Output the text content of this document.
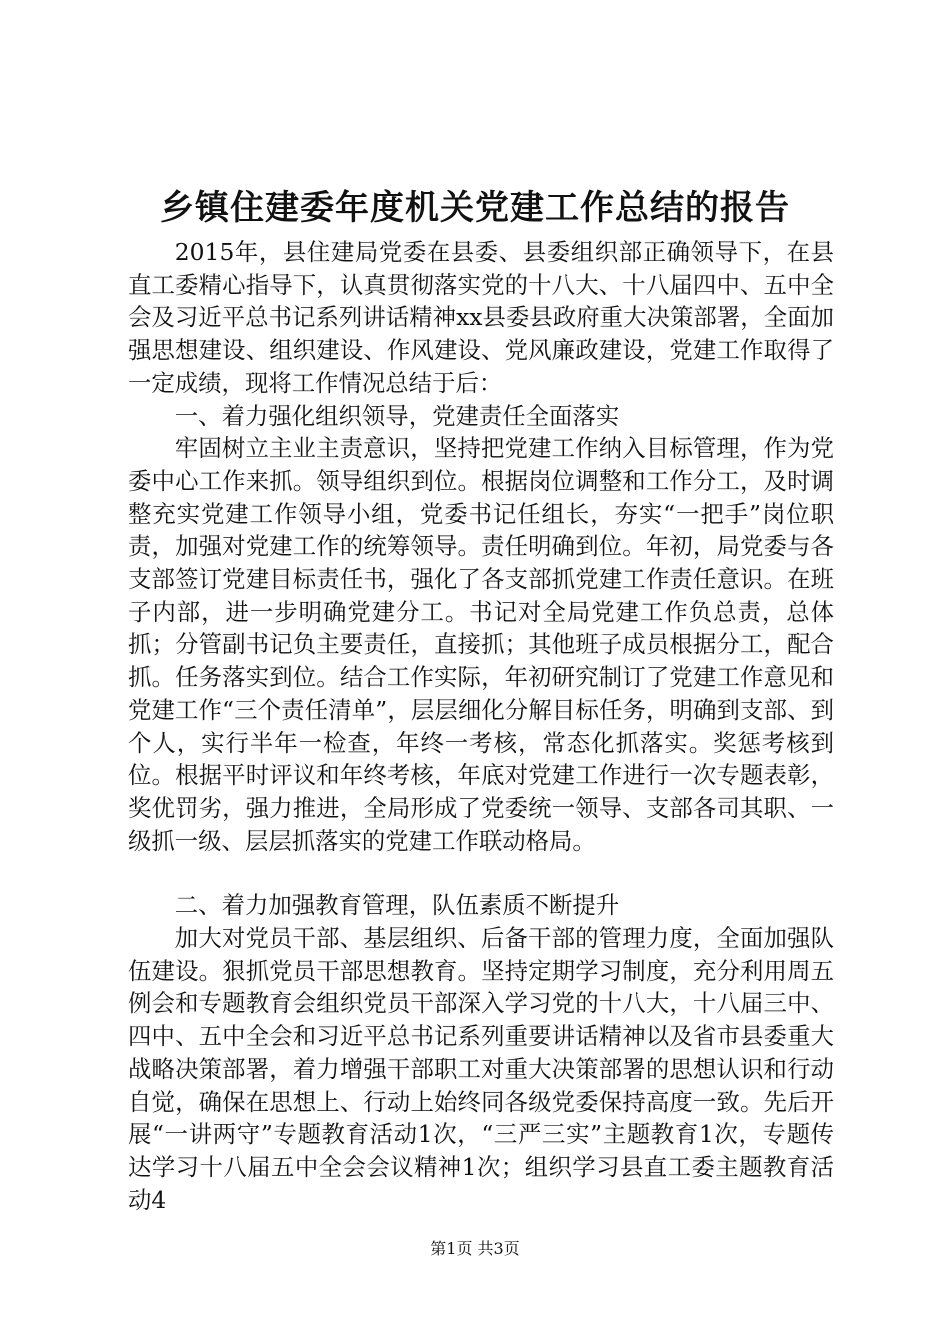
乡镇住建委年度机关党建工作总结的报告

2015年，县住建局党委在县委、县委组织部正确领导下，在县直工委精心指导下，认真贯彻落实党的十八大、十八届四中、五中全会及习近平总书记系列讲话精神xx县委县政府重大决策部署，全面加强思想建设、组织建设、作风建设、党风廉政建设，党建工作取得了一定成绩，现将工作情况总结于后：

一、着力强化组织领导，党建责任全面落实

牢固树立主业主责意识，坚持把党建工作纳入目标管理，作为党委中心工作来抓。领导组织到位。根据岗位调整和工作分工，及时调整充实党建工作领导小组，党委书记任组长，夯实“一把手”岗位职责，加强对党建工作的统筹领导。责任明确到位。年初，局党委与各支部签订党建目标责任书，强化了各支部抓党建工作责任意识。在班子内部，进一步明确党建分工。书记对全局党建工作负总责，总体抓；分管副书记负主要责任，直接抓；其他班子成员根据分工，配合抓。任务落实到位。结合工作实际，年初研究制订了党建工作意见和党建工作“三个责任清单”，层层细化分解目标任务，明确到支部、到个人，实行半年一检查，年终一考核，常态化抓落实。奖惩考核到位。根据平时评议和年终考核，年底对党建工作进行一次专题表彰，奖优罚劣，强力推进，全局形成了党委统一领导、支部各司其职、一级抓一级、层层抓落实的党建工作联动格局。

二、着力加强教育管理，队伍素质不断提升

加大对党员干部、基层组织、后备干部的管理力度，全面加强队伍建设。狠抓党员干部思想教育。坚持定期学习制度，充分利用周五例会和专题教育会组织党员干部深入学习党的十八大，十八届三中、四中、五中全会和习近平总书记系列重要讲话精神以及省市县委重大战略决策部署，着力增强干部职工对重大决策部署的思想认识和行动自觉，确保在思想上、行动上始终同各级党委保持高度一致。先后开展“一讲两守”专题教育活动1次，“三严三实”主题教育1次，专题传达学习十八届五中全会会议精神1次；组织学习县直工委主题教育活动4

第1页 共3页
